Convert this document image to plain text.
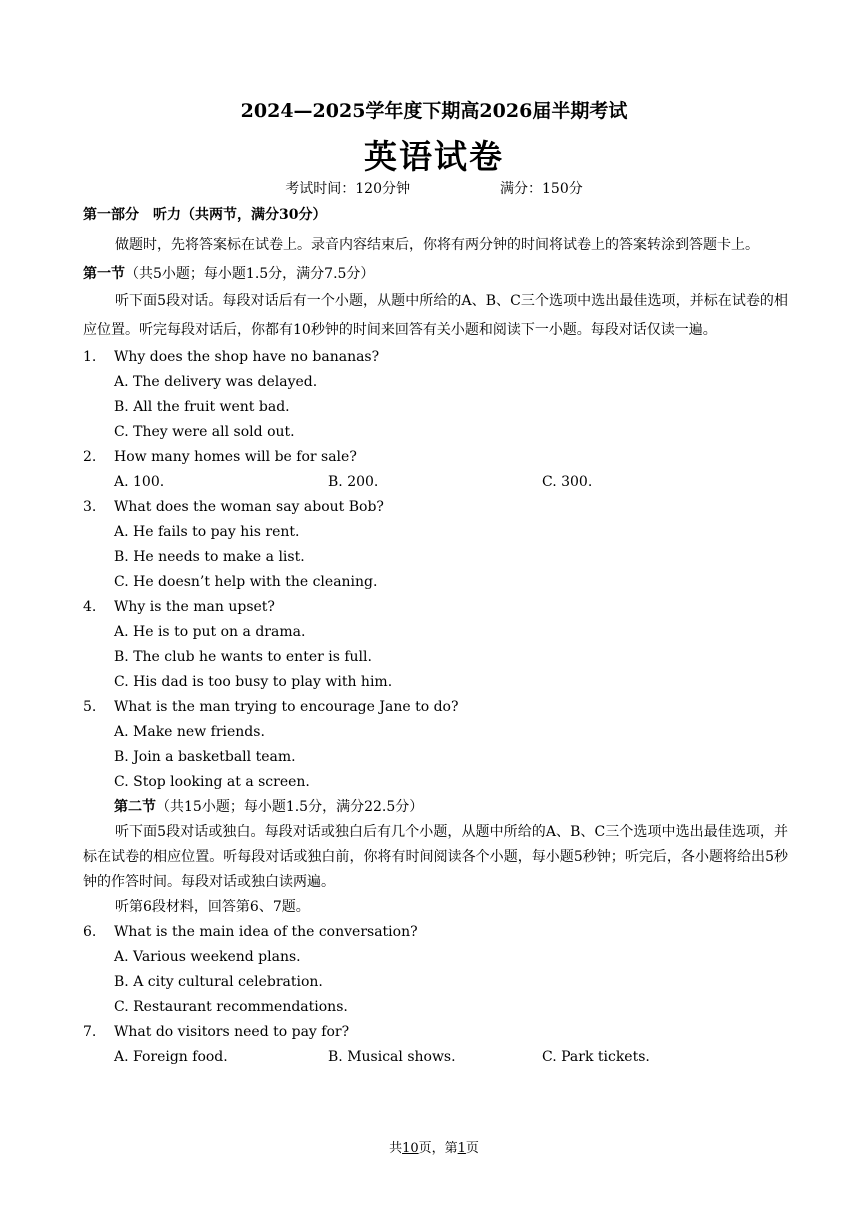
2024—2025学年度下期高2026届半期考试
英语试卷
考试时间：120分钟	满分：150分
第一部分　听力（共两节，满分30分）
做题时，先将答案标在试卷上。录音内容结束后，你将有两分钟的时间将试卷上的答案转涂到答题卡上。
第一节（共5小题；每小题1.5分，满分7.5分）
听下面5段对话。每段对话后有一个小题，从题中所给的A、B、C三个选项中选出最佳选项，并标在试卷的相应位置。听完每段对话后，你都有10秒钟的时间来回答有关小题和阅读下一小题。每段对话仅读一遍。
1. Why does the shop have no bananas?
A. The delivery was delayed.
B. All the fruit went bad.
C. They were all sold out.
2. How many homes will be for sale?
A. 100.	B. 200.	C. 300.
3. What does the woman say about Bob?
A. He fails to pay his rent.
B. He needs to make a list.
C. He doesn’t help with the cleaning.
4. Why is the man upset?
A. He is to put on a drama.
B. The club he wants to enter is full.
C. His dad is too busy to play with him.
5. What is the man trying to encourage Jane to do?
A. Make new friends.
B. Join a basketball team.
C. Stop looking at a screen.
第二节（共15小题；每小题1.5分，满分22.5分）
听下面5段对话或独白。每段对话或独白后有几个小题，从题中所给的A、B、C三个选项中选出最佳选项，并标在试卷的相应位置。听每段对话或独白前，你将有时间阅读各个小题，每小题5秒钟；听完后，各小题将给出5秒钟的作答时间。每段对话或独白读两遍。
听第6段材料，回答第6、7题。
6. What is the main idea of the conversation?
A. Various weekend plans.
B. A city cultural celebration.
C. Restaurant recommendations.
7. What do visitors need to pay for?
A. Foreign food.	B. Musical shows.	C. Park tickets.
共10页，第1页
